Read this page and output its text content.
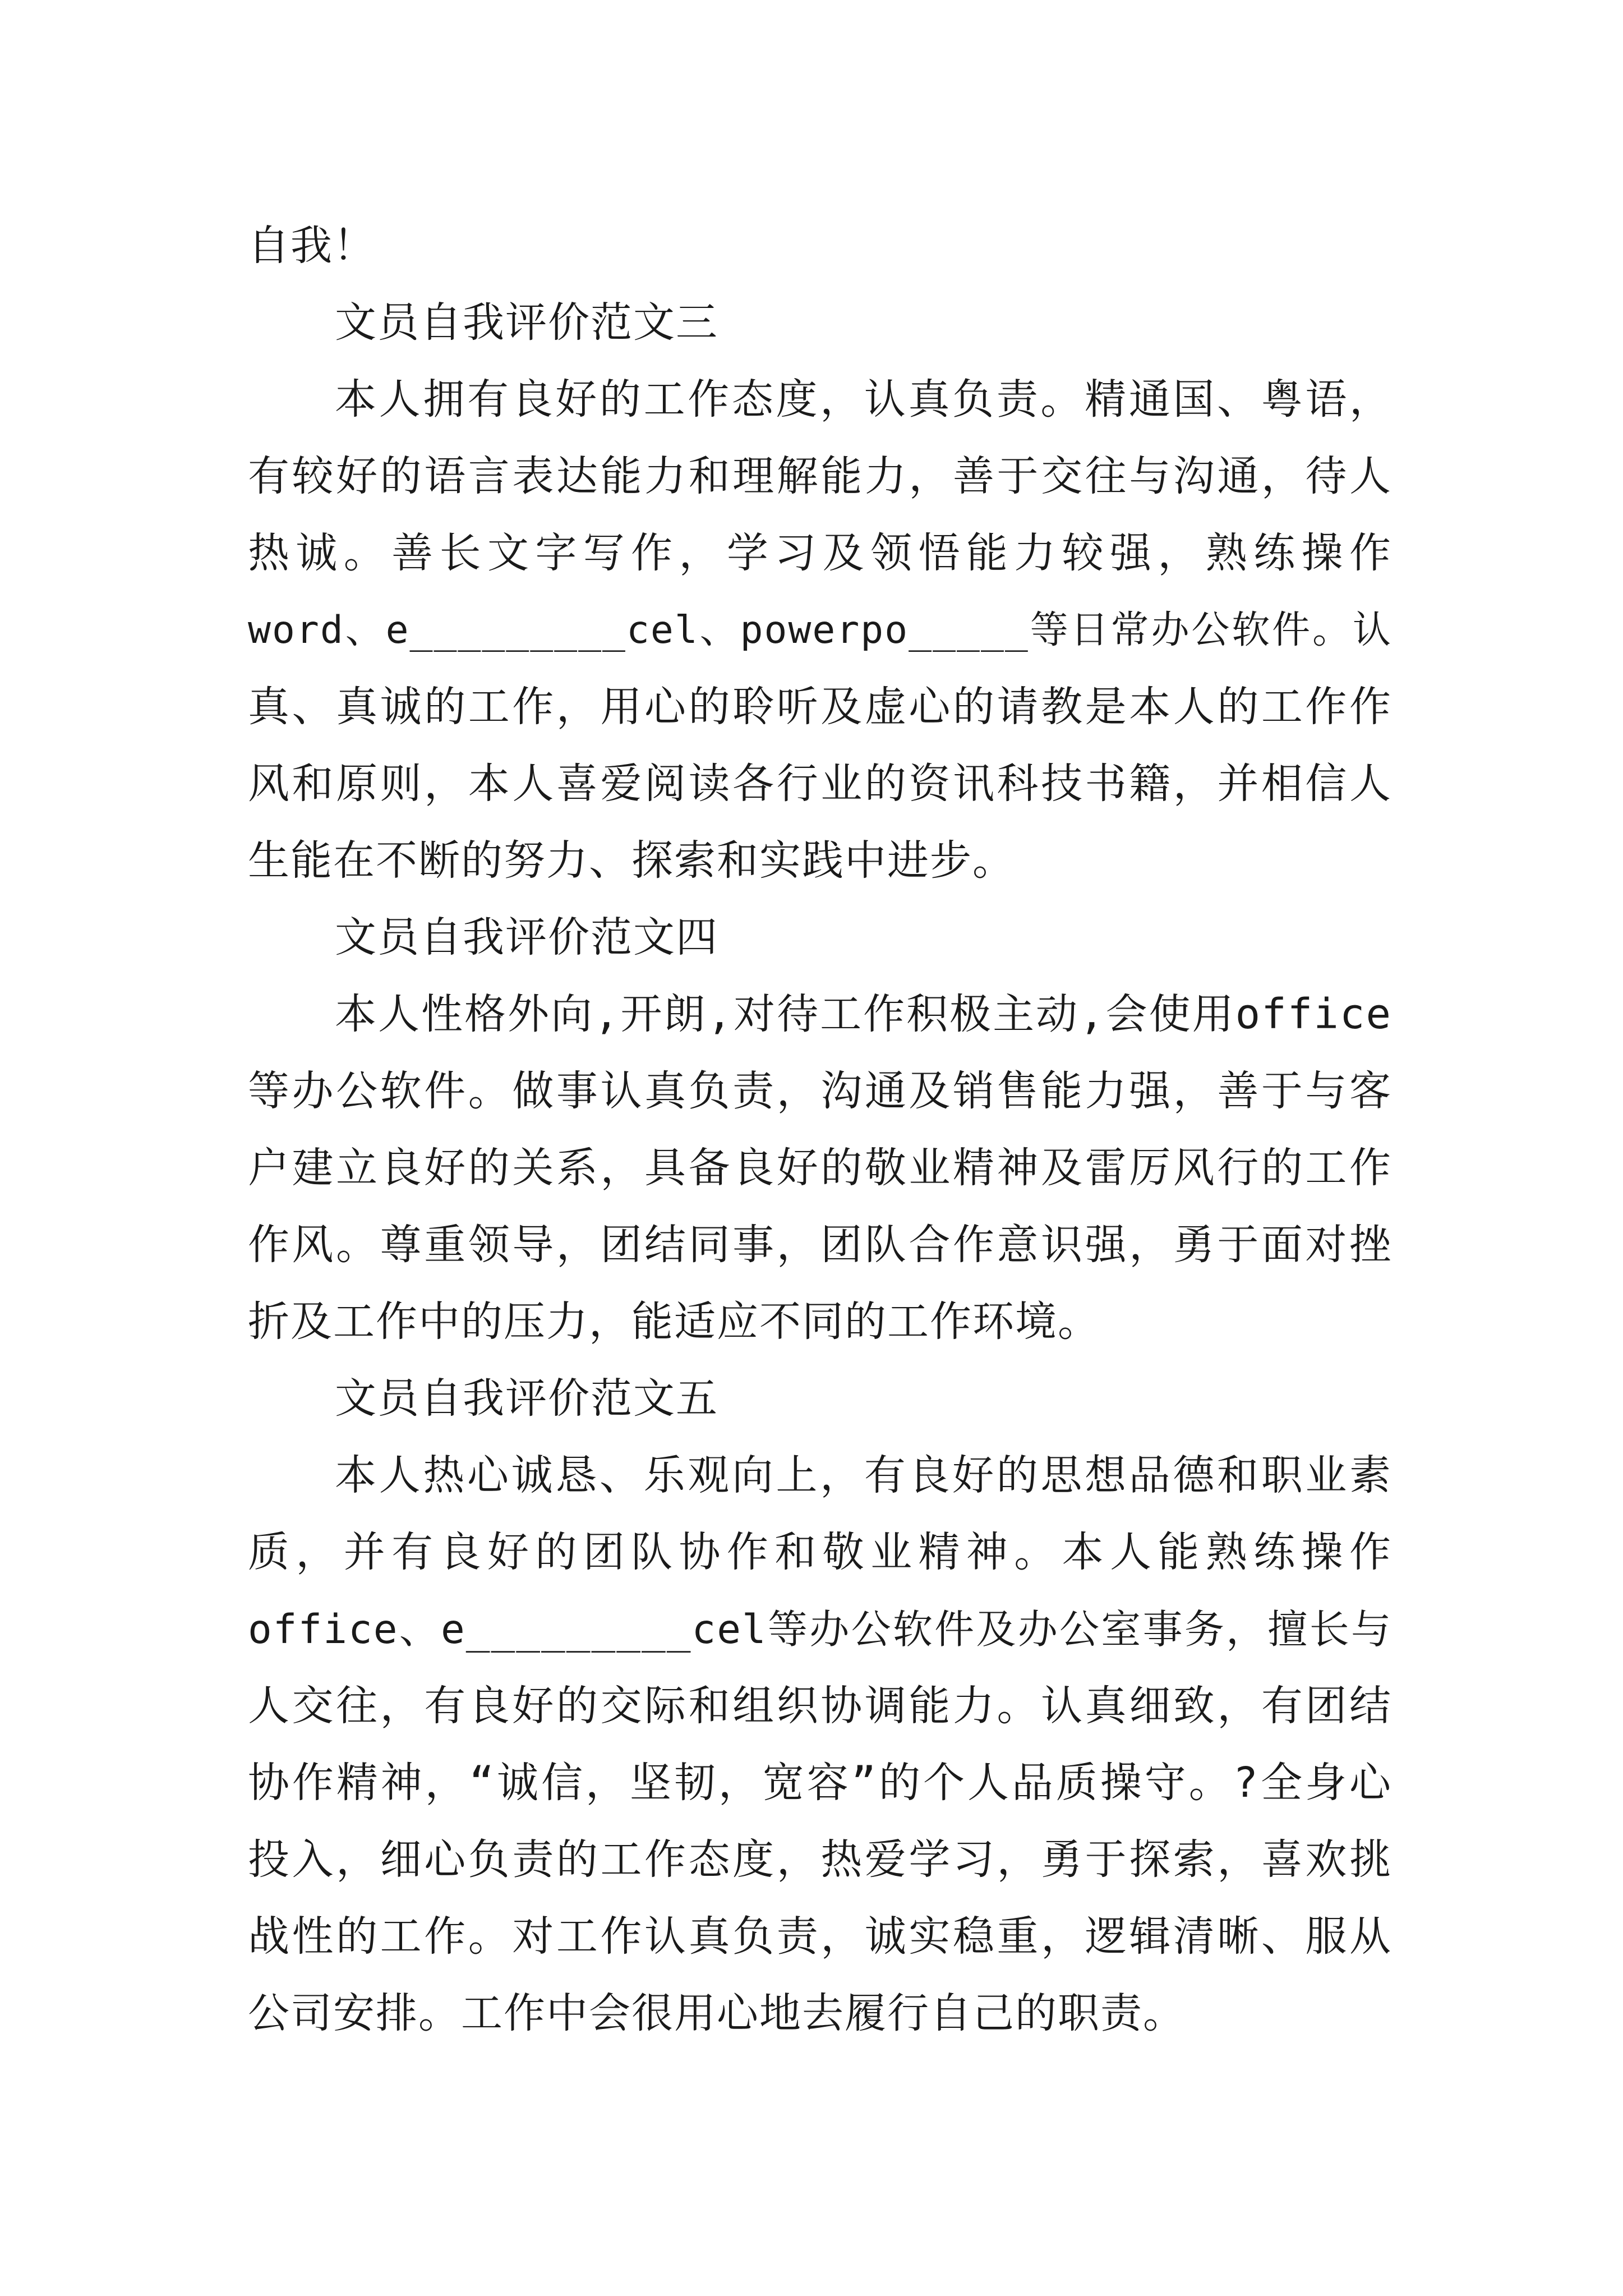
自我！
文员自我评价范文三
本人拥有良好的工作态度，认真负责。精通国、粤语，
有较好的语言表达能力和理解能力，善于交往与沟通，待人
热诚。善长文字写作，学习及领悟能力较强，熟练操作
word、e_________cel、powerpo_____等日常办公软件。认
真、真诚的工作，用心的聆听及虚心的请教是本人的工作作
风和原则，本人喜爱阅读各行业的资讯科技书籍，并相信人
生能在不断的努力、探索和实践中进步。
文员自我评价范文四
本人性格外向,开朗,对待工作积极主动,会使用office
等办公软件。做事认真负责，沟通及销售能力强，善于与客
户建立良好的关系，具备良好的敬业精神及雷厉风行的工作
作风。尊重领导，团结同事，团队合作意识强，勇于面对挫
折及工作中的压力，能适应不同的工作环境。
文员自我评价范文五
本人热心诚恳、乐观向上，有良好的思想品德和职业素
质，并有良好的团队协作和敬业精神。本人能熟练操作
office、e_________cel等办公软件及办公室事务，擅长与
人交往，有良好的交际和组织协调能力。认真细致，有团结
协作精神，“诚信，坚韧，宽容”的个人品质操守。?全身心
投入，细心负责的工作态度，热爱学习，勇于探索，喜欢挑
战性的工作。对工作认真负责，诚实稳重，逻辑清晰、服从
公司安排。工作中会很用心地去履行自己的职责。
